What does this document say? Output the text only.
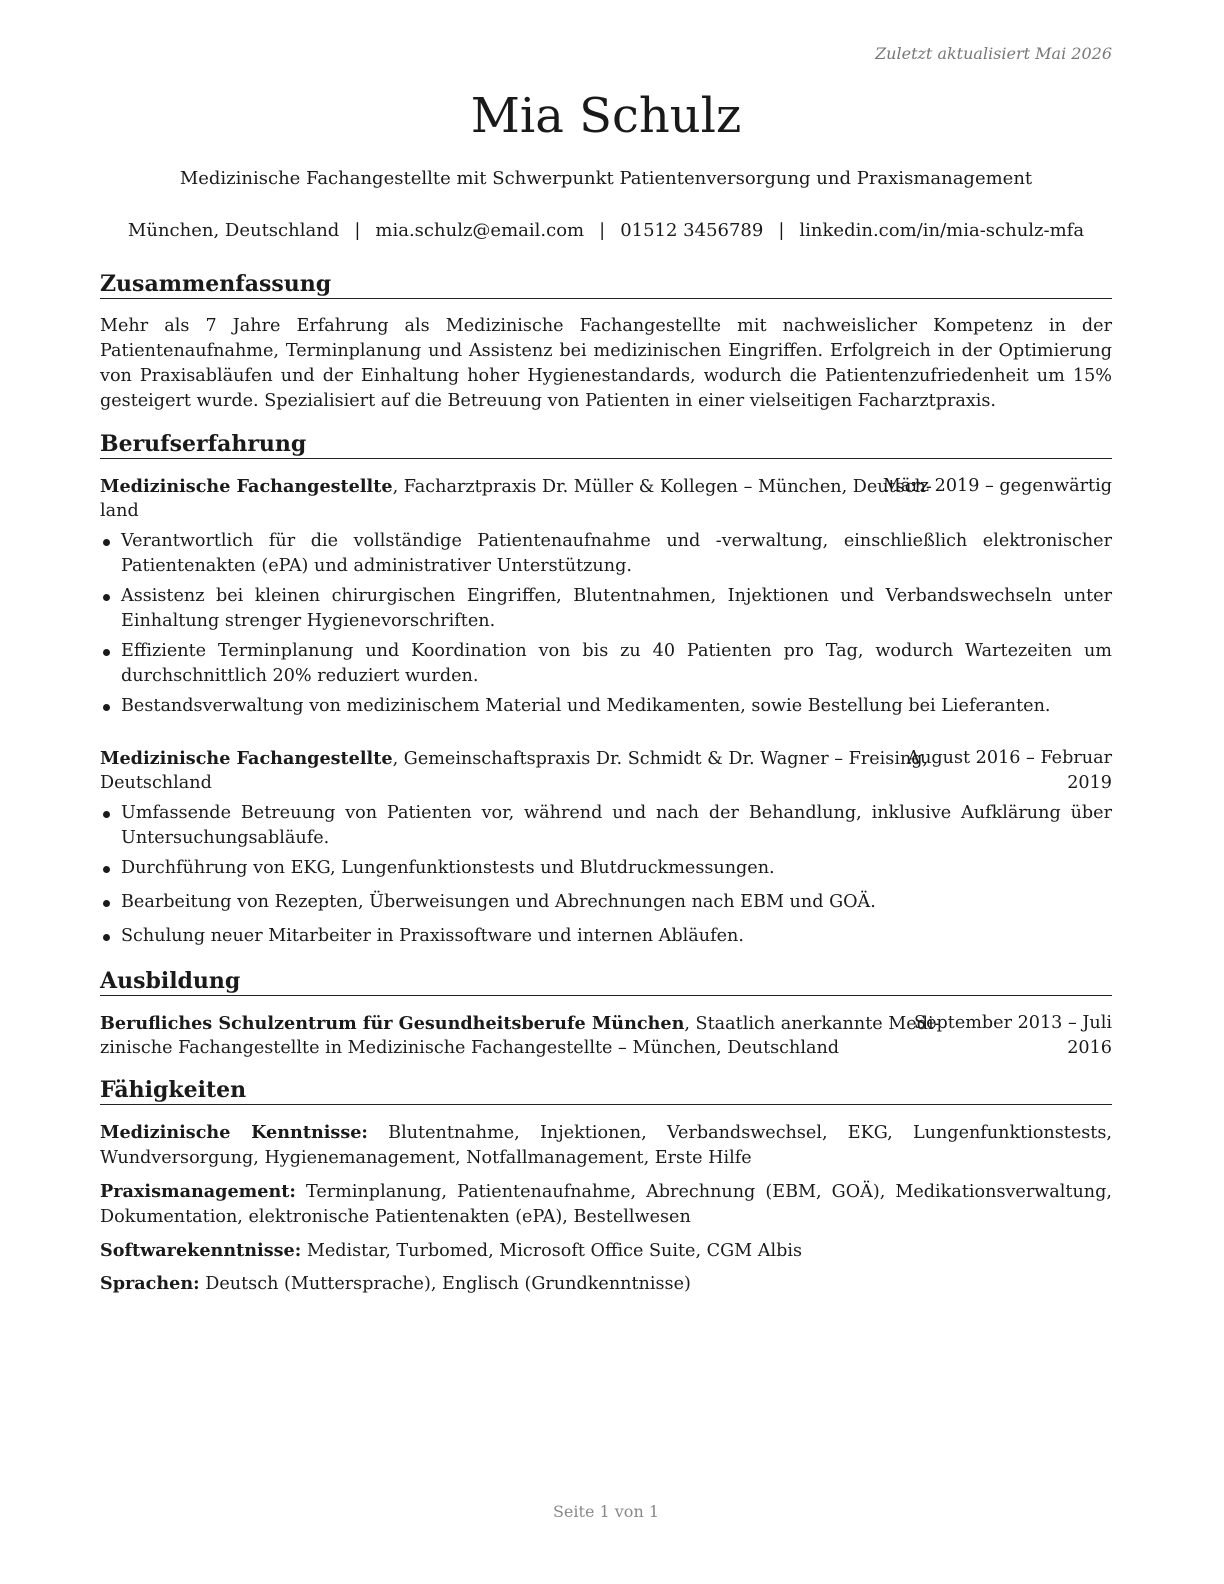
Zuletzt aktualisiert Mai 2026
Mia Schulz
Medizinische Fachangestellte mit Schwerpunkt Patientenversorgung und Praxismanagement
München, Deutschland | mia.schulz@email.com | 01512 3456789 | linkedin.com/in/mia-schulz-mfa
Zusammenfassung

Mehr als 7 Jahre Erfahrung als Medizinische Fachangestellte mit nachweislicher Kompetenz in der Patientenaufnahme, Terminplanung und Assistenz bei medizinischen Eingriffen. Erfolgreich in der Optimierung von Praxisabläufen und der Einhaltung hoher Hygienestandards, wodurch die Patientenzufriedenheit um 15% gesteigert wurde. Spezialisiert auf die Betreuung von Patienten in einer vielseitigen Facharztpraxis.

Berufserfahrung
Medizinische Fachangestellte, Facharztpraxis Dr. Müller & Kollegen – München, Deutsch-
land
März 2019 – gegenwärtig
Verantwortlich für die vollständige Patientenaufnahme und -verwaltung, einschließlich elektronischer Patientenakten (ePA) und administrativer Unterstützung.
Assistenz bei kleinen chirurgischen Eingriffen, Blutentnahmen, Injektionen und Verbandswechseln unter Einhaltung strenger Hygienevorschriften.
Effiziente Terminplanung und Koordination von bis zu 40 Patienten pro Tag, wodurch Wartezeiten um durchschnittlich 20% reduziert wurden.
Bestandsverwaltung von medizinischem Material und Medikamenten, sowie Bestellung bei Lieferanten.
Medizinische Fachangestellte, Gemeinschaftspraxis Dr. Schmidt & Dr. Wagner – Freising,
Deutschland
August 2016 – Februar
2019
Umfassende Betreuung von Patienten vor, während und nach der Behandlung, inklusive Aufklärung über Untersuchungsabläufe.
Durchführung von EKG, Lungenfunktionstests und Blutdruckmessungen.
Bearbeitung von Rezepten, Überweisungen und Abrechnungen nach EBM und GOÄ.
Schulung neuer Mitarbeiter in Praxissoftware und internen Abläufen.
Ausbildung
Berufliches Schulzentrum für Gesundheitsberufe München, Staatlich anerkannte Medi-
zinische Fachangestellte in Medizinische Fachangestellte – München, Deutschland
September 2013 – Juli
2016
Fähigkeiten
Medizinische Kenntnisse: Blutentnahme, Injektionen, Verbandswechsel, EKG, Lungenfunktionstests, Wundversorgung, Hygienemanagement, Notfallmanagement, Erste Hilfe
Praxismanagement: Terminplanung, Patientenaufnahme, Abrechnung (EBM, GOÄ), Medikationsverwaltung, Dokumentation, elektronische Patientenakten (ePA), Bestellwesen
Softwarekenntnisse: Medistar, Turbomed, Microsoft Office Suite, CGM Albis
Sprachen: Deutsch (Muttersprache), Englisch (Grundkenntnisse)
Seite 1 von 1
